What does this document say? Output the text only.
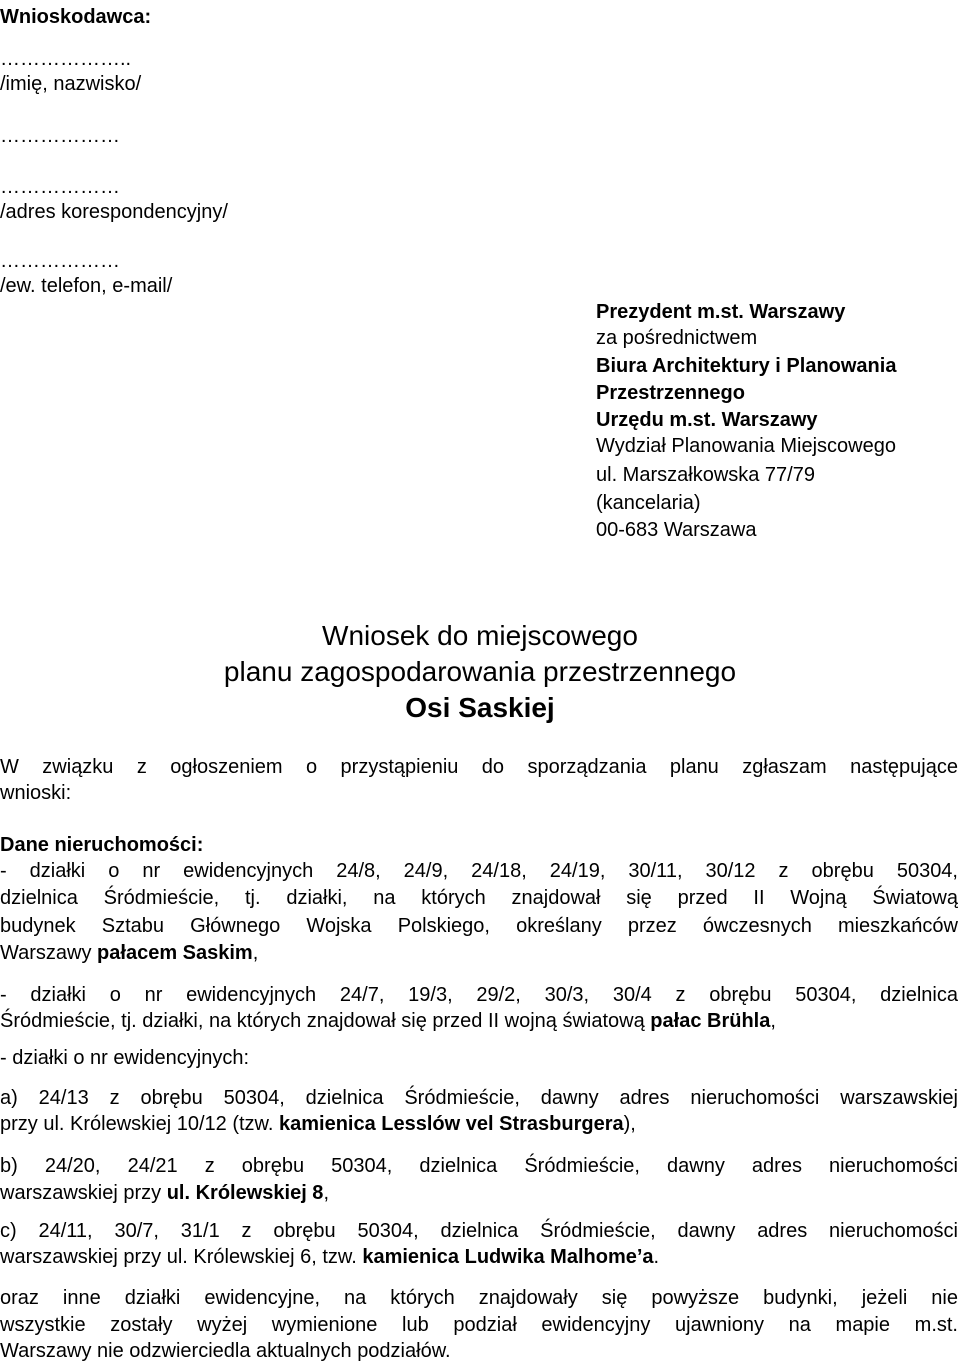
Wnioskodawca:
………………..
/imię, nazwisko/
………………
………………
/adres korespondencyjny/
………………
/ew. telefon, e-mail/
Prezydent m.st. Warszawy
za pośrednictwem
Biura Architektury i Planowania
Przestrzennego
Urzędu m.st. Warszawy
Wydział Planowania Miejscowego
ul. Marszałkowska 77/79
(kancelaria)
00-683 Warszawa
Wniosek do miejscowego
planu zagospodarowania przestrzennego
Osi Saskiej
W związku z ogłoszeniem o przystąpieniu do sporządzania planu zgłaszam następujące
wnioski:
Dane nieruchomości:
- działki o nr ewidencyjnych 24/8, 24/9, 24/18, 24/19, 30/11, 30/12 z obrębu 50304,
dzielnica Śródmieście, tj. działki, na których znajdował się przed II Wojną Światową
budynek Sztabu Głównego Wojska Polskiego, określany przez ówczesnych mieszkańców
Warszawy pałacem Saskim,
- działki o nr ewidencyjnych 24/7, 19/3, 29/2, 30/3, 30/4 z obrębu 50304, dzielnica
Śródmieście, tj. działki, na których znajdował się przed II wojną światową pałac Brühla,
- działki o nr ewidencyjnych:
a) 24/13 z obrębu 50304, dzielnica Śródmieście, dawny adres nieruchomości warszawskiej
przy ul. Królewskiej 10/12 (tzw. kamienica Lesslów vel Strasburgera),
b) 24/20, 24/21 z obrębu 50304, dzielnica Śródmieście, dawny adres nieruchomości
warszawskiej przy ul. Królewskiej 8,
c) 24/11, 30/7, 31/1 z obrębu 50304, dzielnica Śródmieście, dawny adres nieruchomości
warszawskiej przy ul. Królewskiej 6, tzw. kamienica Ludwika Malhome’a.
oraz inne działki ewidencyjne, na których znajdowały się powyższe budynki, jeżeli nie
wszystkie zostały wyżej wymienione lub podział ewidencyjny ujawniony na mapie m.st.
Warszawy nie odzwierciedla aktualnych podziałów.
